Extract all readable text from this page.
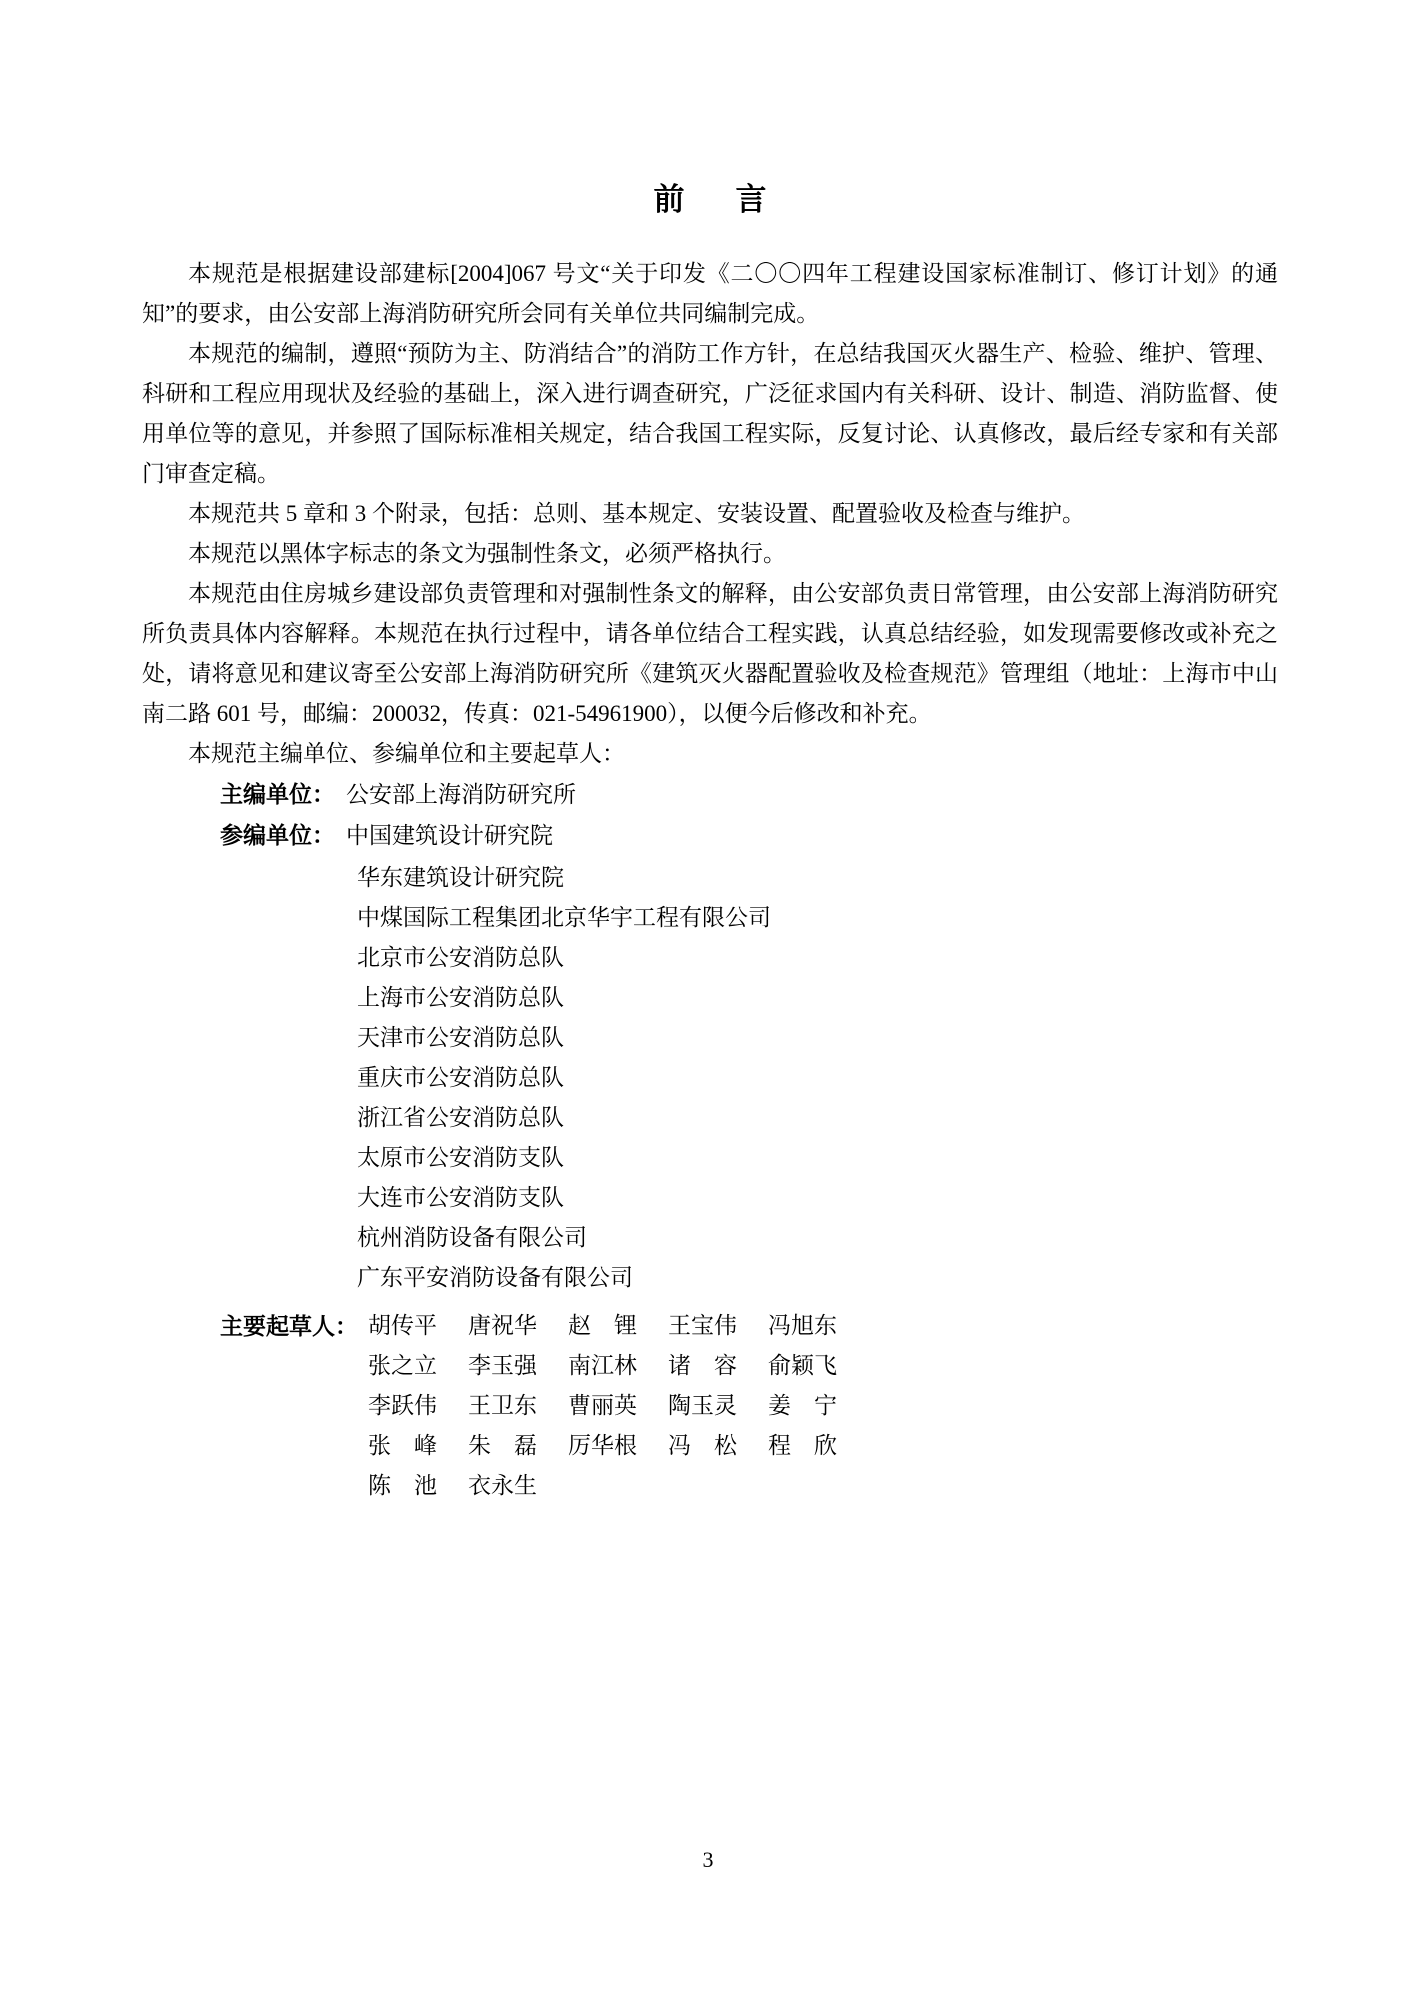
前　言

本规范是根据建设部建标[2004]067 号文“关于印发《二〇〇四年工程建设国家标准制订、修订计划》的通知”的要求，由公安部上海消防研究所会同有关单位共同编制完成。

本规范的编制，遵照“预防为主、防消结合”的消防工作方针，在总结我国灭火器生产、检验、维护、管理、科研和工程应用现状及经验的基础上，深入进行调查研究，广泛征求国内有关科研、设计、制造、消防监督、使用单位等的意见，并参照了国际标准相关规定，结合我国工程实际，反复讨论、认真修改，最后经专家和有关部门审查定稿。

本规范共 5 章和 3 个附录，包括：总则、基本规定、安装设置、配置验收及检查与维护。

本规范以黑体字标志的条文为强制性条文，必须严格执行。

本规范由住房城乡建设部负责管理和对强制性条文的解释，由公安部负责日常管理，由公安部上海消防研究所负责具体内容解释。本规范在执行过程中，请各单位结合工程实践，认真总结经验，如发现需要修改或补充之处，请将意见和建议寄至公安部上海消防研究所《建筑灭火器配置验收及检查规范》管理组（地址：上海市中山南二路 601 号，邮编：200032，传真：021-54961900），以便今后修改和补充。

本规范主编单位、参编单位和主要起草人：

主编单位： 公安部上海消防研究所
参编单位： 中国建筑设计研究院
华东建筑设计研究院
中煤国际工程集团北京华宇工程有限公司
北京市公安消防总队
上海市公安消防总队
天津市公安消防总队
重庆市公安消防总队
浙江省公安消防总队
太原市公安消防支队
大连市公安消防支队
杭州消防设备有限公司
广东平安消防设备有限公司
主要起草人： 胡传平 唐祝华 赵　锂 王宝伟 冯旭东
张之立 李玉强 南江林 诸　容 俞颖飞
李跃伟 王卫东 曹丽英 陶玉灵 姜　宁
张　峰 朱　磊 厉华根 冯　松 程　欣
陈　池 衣永生
3
